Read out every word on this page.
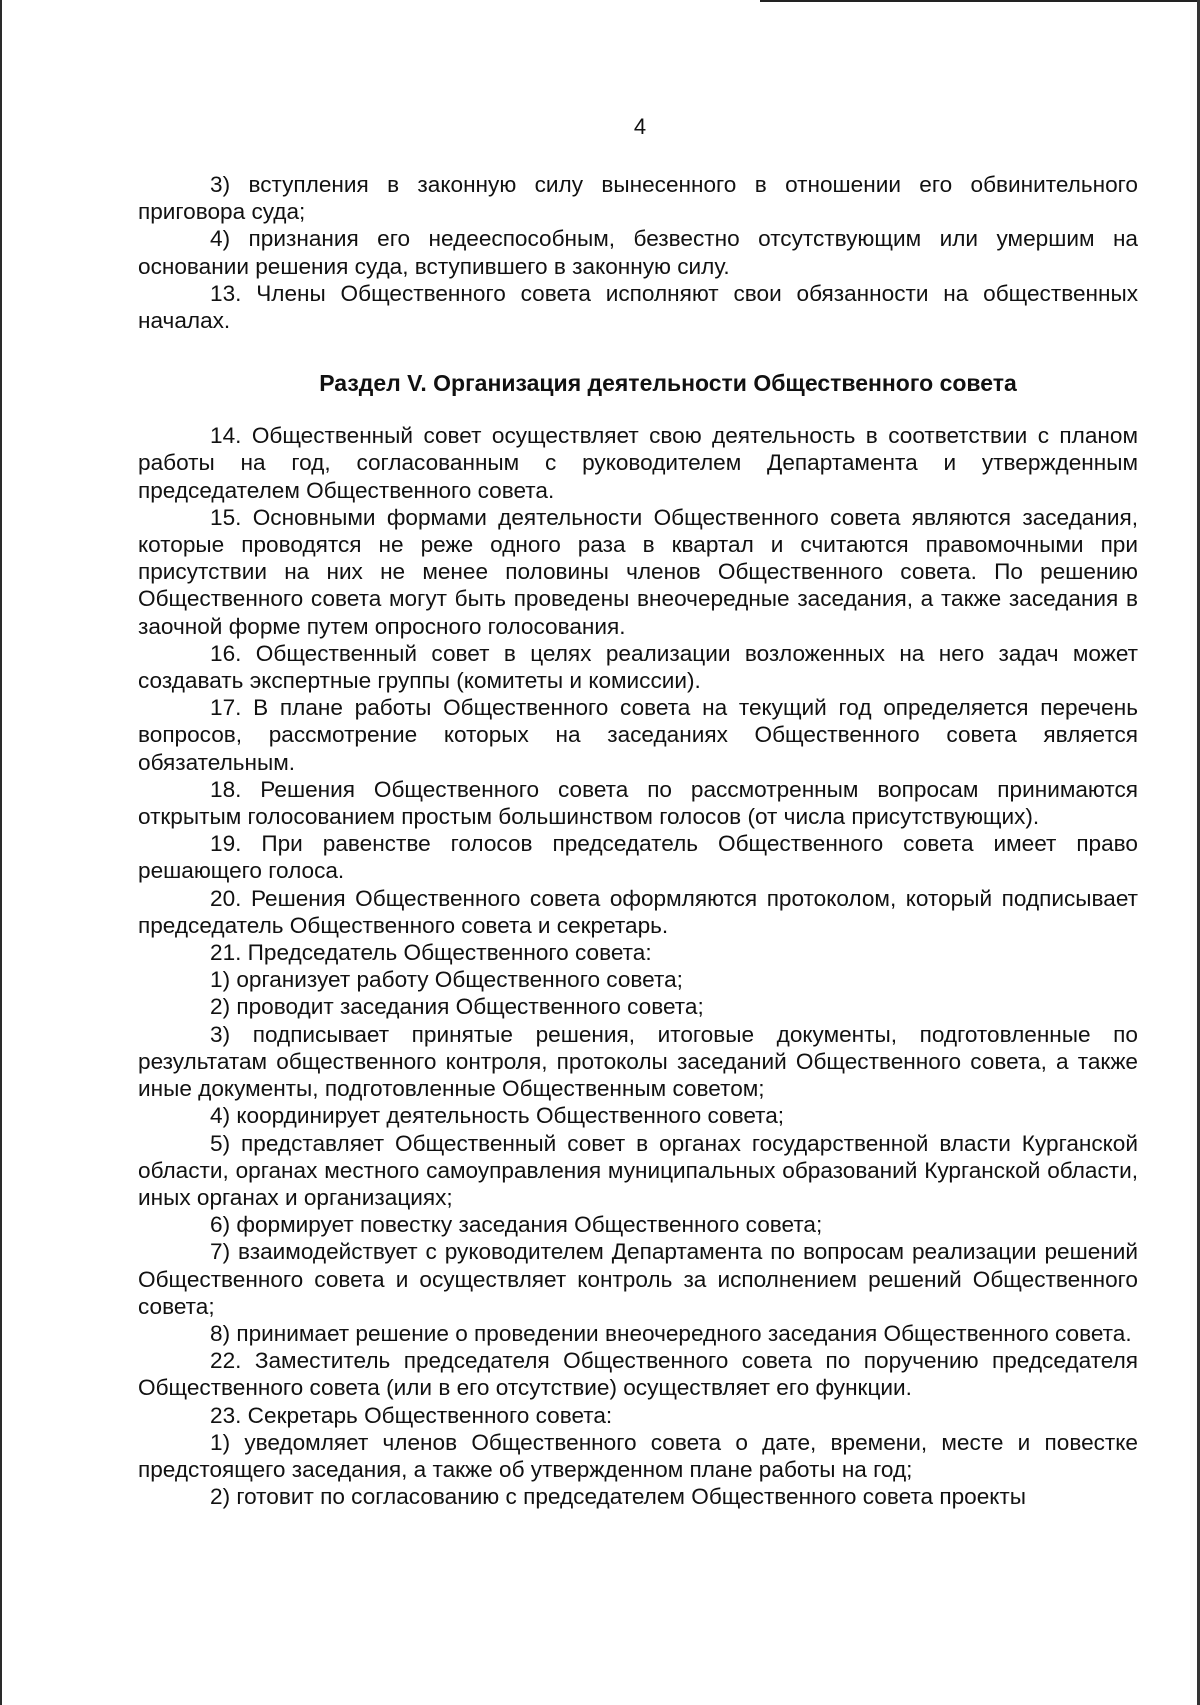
4

3) вступления в законную силу вынесенного в отношении его обвинительного приговора суда;

4) признания его недееспособным, безвестно отсутствующим или умершим на основании решения суда, вступившего в законную силу.

13. Члены Общественного совета исполняют свои обязанности на общественных началах.

Раздел V. Организация деятельности Общественного совета

14. Общественный совет осуществляет свою деятельность в соответствии с планом работы на год, согласованным с руководителем Департамента и утвержденным председателем Общественного совета.

15. Основными формами деятельности Общественного совета являются заседания, которые проводятся не реже одного раза в квартал и считаются правомочными при присутствии на них не менее половины членов Общественного совета. По решению Общественного совета могут быть проведены внеочередные заседания, а также заседания в заочной форме путем опросного голосования.

16. Общественный совет в целях реализации возложенных на него задач может создавать экспертные группы (комитеты и комиссии).

17. В плане работы Общественного совета на текущий год определяется перечень вопросов, рассмотрение которых на заседаниях Общественного совета является обязательным.

18. Решения Общественного совета по рассмотренным вопросам принимаются открытым голосованием простым большинством голосов (от числа присутствующих).

19. При равенстве голосов председатель Общественного совета имеет право решающего голоса.

20. Решения Общественного совета оформляются протоколом, который подписывает председатель Общественного совета и секретарь.

21. Председатель Общественного совета:

1) организует работу Общественного совета;

2) проводит заседания Общественного совета;

3) подписывает принятые решения, итоговые документы, подготовленные по результатам общественного контроля, протоколы заседаний Общественного совета, а также иные документы, подготовленные Общественным советом;

4) координирует деятельность Общественного совета;

5) представляет Общественный совет в органах государственной власти Курганской области, органах местного самоуправления муниципальных образований Курганской области, иных органах и организациях;

6) формирует повестку заседания Общественного совета;

7) взаимодействует с руководителем Департамента по вопросам реализации решений Общественного совета и осуществляет контроль за исполнением решений Общественного совета;

8) принимает решение о проведении внеочередного заседания Общественного совета.

22. Заместитель председателя Общественного совета по поручению председателя Общественного совета (или в его отсутствие) осуществляет его функции.

23. Секретарь Общественного совета:

1) уведомляет членов Общественного совета о дате, времени, месте и повестке предстоящего заседания, а также об утвержденном плане работы на год;

2) готовит по согласованию с председателем Общественного совета проекты
